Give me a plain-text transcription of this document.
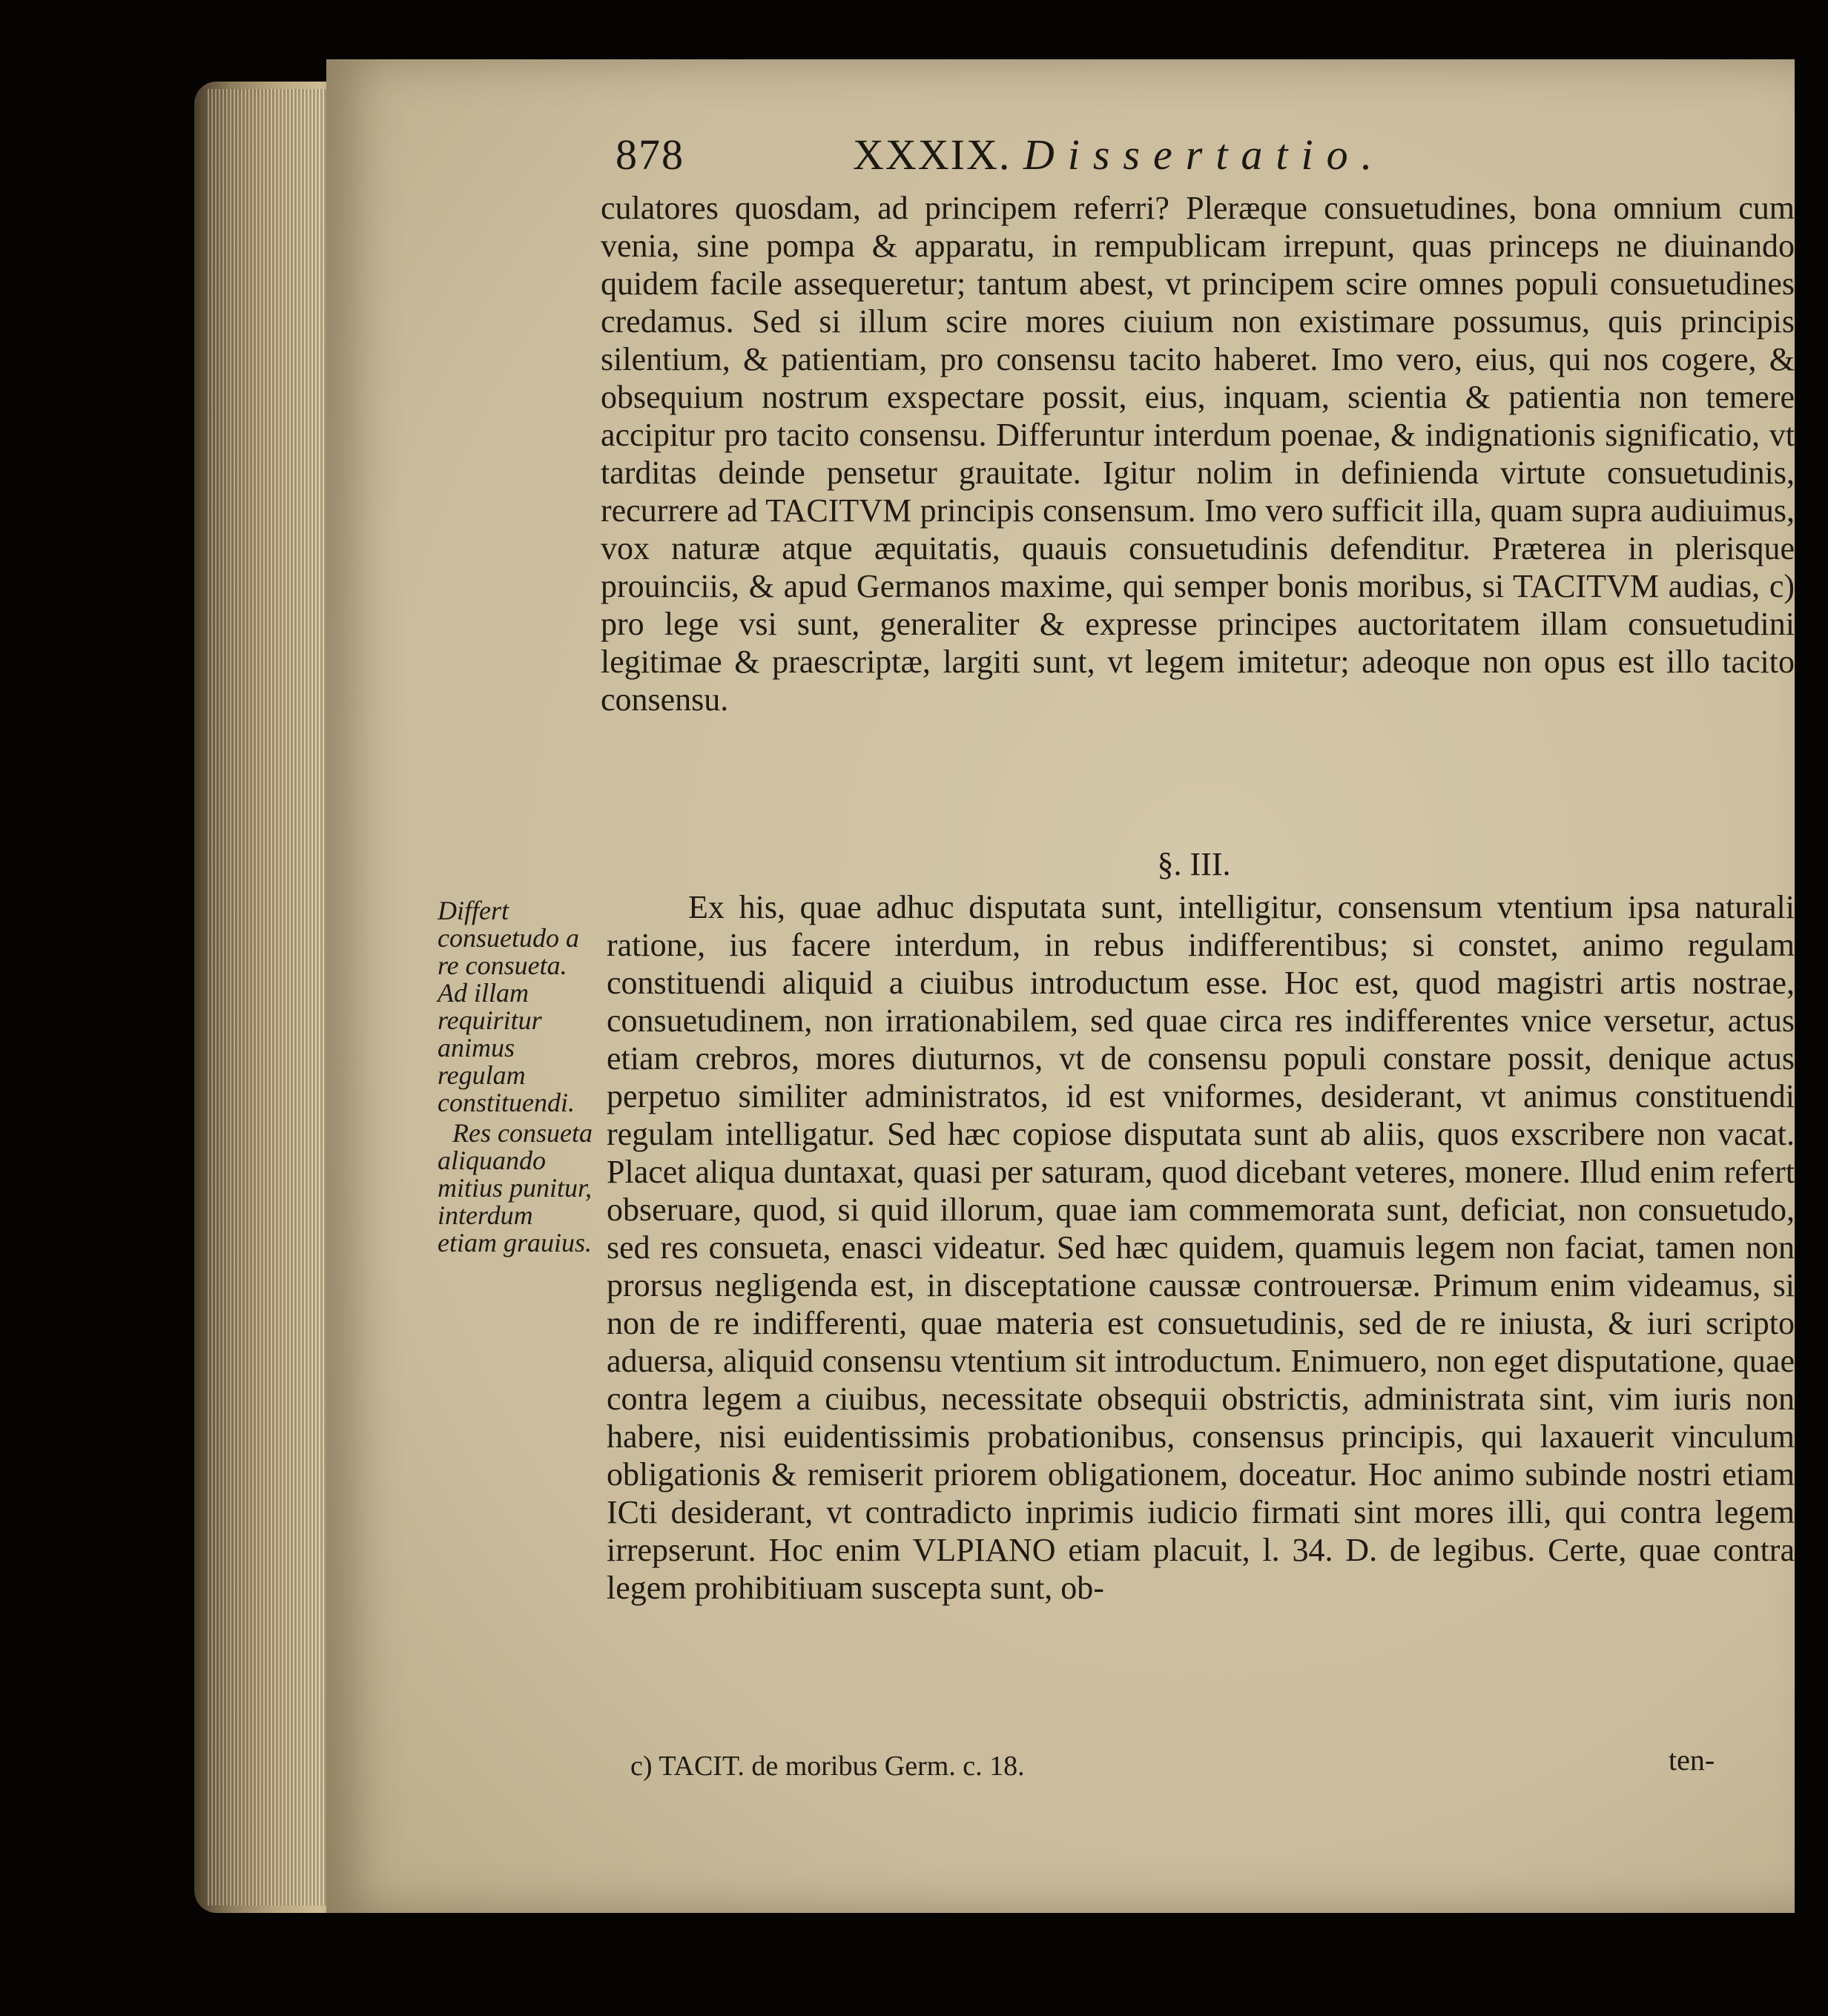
878	XXXIX. Dissertatio.

culatores quosdam, ad principem referri? Pleræque consuetudines, bona omnium cum venia, sine pompa & apparatu, in rempublicam irrepunt, quas princeps ne diuinando quidem facile assequeretur; tantum abest, vt principem scire omnes populi consuetudines credamus. Sed si illum scire mores ciuium non existimare possumus, quis principis silentium, & patientiam, pro consensu tacito haberet. Imo vero, eius, qui nos cogere, & obsequium nostrum exspectare possit, eius, inquam, scientia & patientia non temere accipitur pro tacito consensu. Differuntur interdum poenae, & indignationis significatio, vt tarditas deinde pensetur grauitate. Igitur nolim in definienda virtute consuetudinis, recurrere ad TACITVM principis consensum. Imo vero sufficit illa, quam supra audiuimus, vox naturæ atque æquitatis, quauis consuetudinis defenditur. Præterea in plerisque prouinciis, & apud Germanos maxime, qui semper bonis moribus, si TACITVM audias, c) pro lege vsi sunt, generaliter & expresse principes auctoritatem illam consuetudini legitimae & praescriptæ, largiti sunt, vt legem imitetur; adeoque non opus est illo tacito consensu.

§. III.

Differt consuetudo a re consueta. Ad illam requiritur animus regulam constituendi.

Res consueta aliquando mitius punitur, interdum etiam grauius.

Ex his, quae adhuc disputata sunt, intelligitur, consensum vtentium ipsa naturali ratione, ius facere interdum, in rebus indifferentibus; si constet, animo regulam constituendi aliquid a ciuibus introductum esse. Hoc est, quod magistri artis nostrae, consuetudinem, non irrationabilem, sed quae circa res indifferentes vnice versetur, actus etiam crebros, mores diuturnos, vt de consensu populi constare possit, denique actus perpetuo similiter administratos, id est vniformes, desiderant, vt animus constituendi regulam intelligatur. Sed hæc copiose disputata sunt ab aliis, quos exscribere non vacat. Placet aliqua duntaxat, quasi per saturam, quod dicebant veteres, monere. Illud enim refert obseruare, quod, si quid illorum, quae iam commemorata sunt, deficiat, non consuetudo, sed res consueta, enasci videatur. Sed hæc quidem, quamuis legem non faciat, tamen non prorsus negligenda est, in disceptatione caussæ controuersæ. Primum enim videamus, si non de re indifferenti, quae materia est consuetudinis, sed de re iniusta, & iuri scripto aduersa, aliquid consensu vtentium sit introductum. Enimuero, non eget disputatione, quae contra legem a ciuibus, necessitate obsequii obstrictis, administrata sint, vim iuris non habere, nisi euidentissimis probationibus, consensus principis, qui laxauerit vinculum obligationis & remiserit priorem obligationem, doceatur. Hoc animo subinde nostri etiam ICti desiderant, vt contradicto inprimis iudicio firmati sint mores illi, qui contra legem irrepserunt. Hoc enim VLPIANO etiam placuit, l. 34. D. de legibus. Certe, quae contra legem prohibitiuam suscepta sunt, ob-

c) TACIT. de moribus Germ. c. 18.	ten-
